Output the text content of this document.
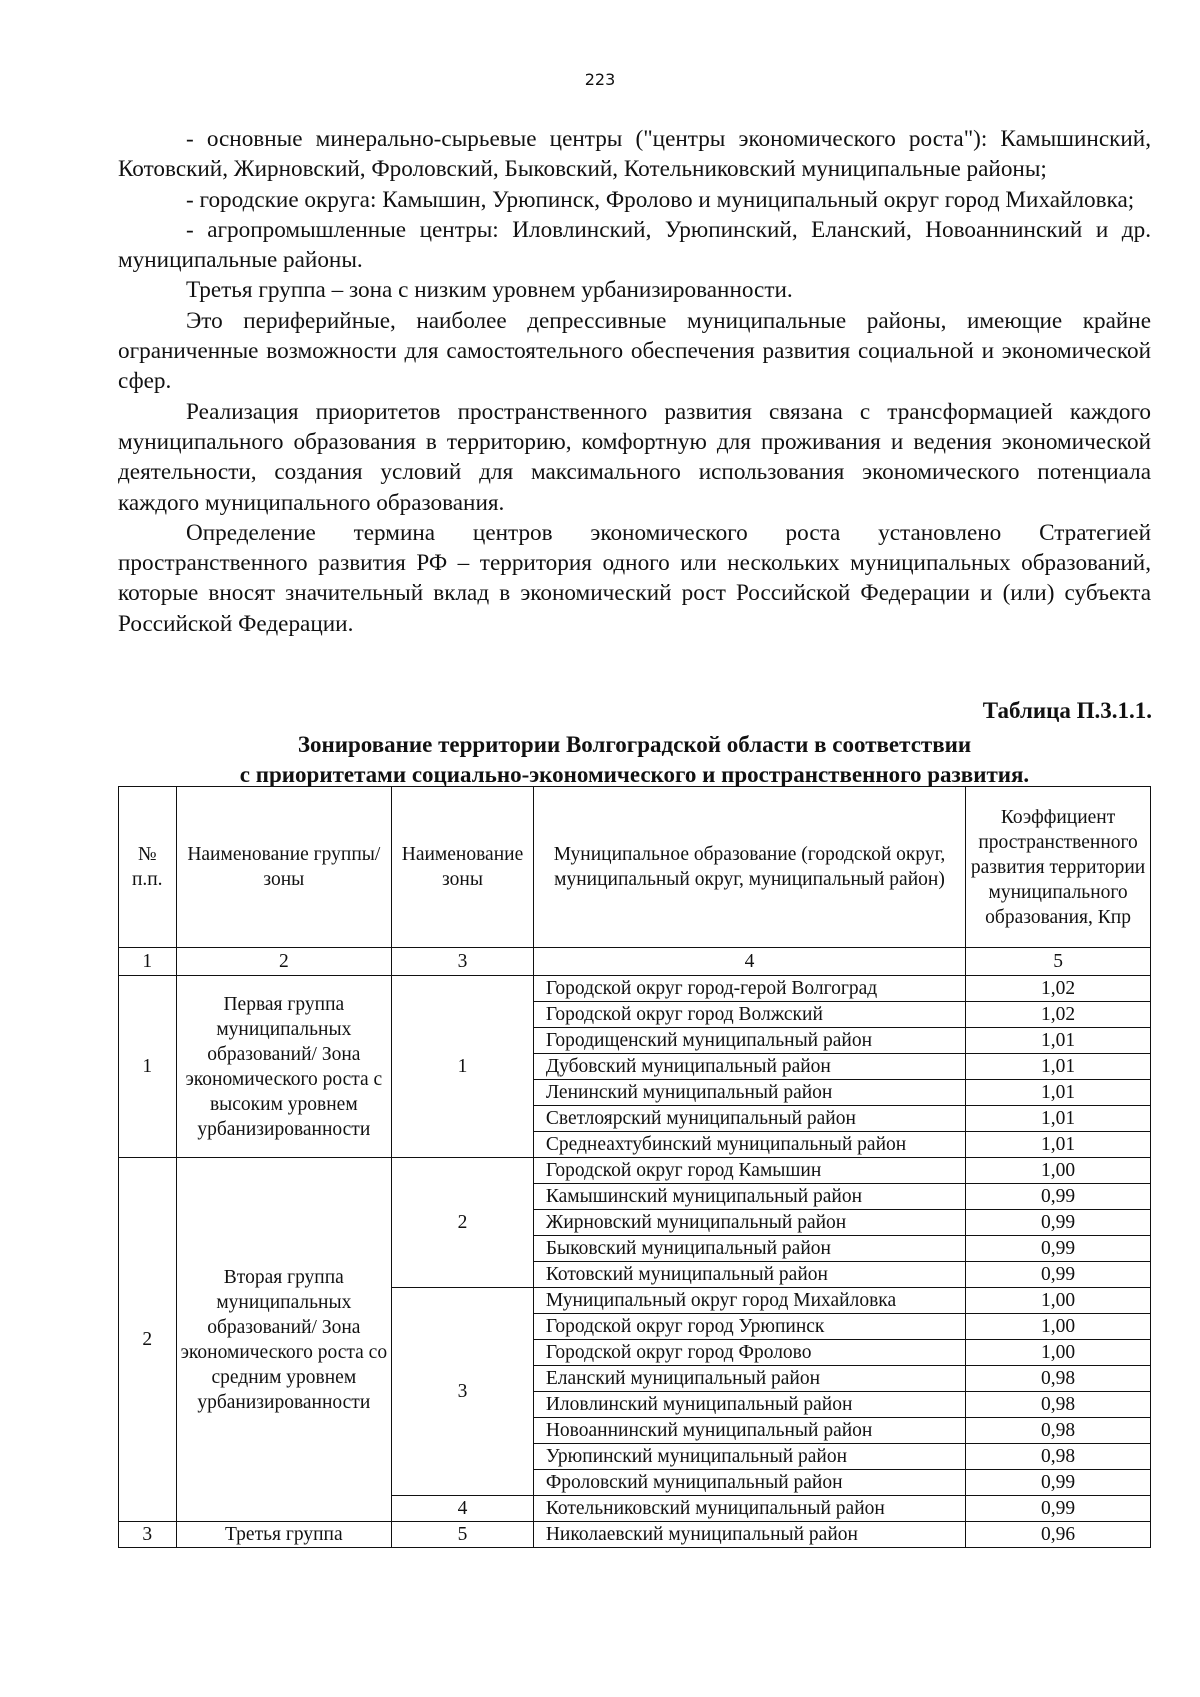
223

- основные минерально-сырьевые центры ("центры экономического роста"): Камышинский, Котовский, Жирновский, Фроловский, Быковский, Котельниковский муниципальные районы;

- городские округа: Камышин, Урюпинск, Фролово и муниципальный округ город Михайловка;

- агропромышленные центры: Иловлинский, Урюпинский, Еланский, Новоаннинский и др. муниципальные районы.

Третья группа – зона с низким уровнем урбанизированности.

Это периферийные, наиболее депрессивные муниципальные районы, имеющие крайне ограниченные возможности для самостоятельного обеспечения развития социальной и экономической сфер.

Реализация приоритетов пространственного развития связана с трансформацией каждого муниципального образования в территорию, комфортную для проживания и ведения экономической деятельности, создания условий для максимального использования экономического потенциала каждого муниципального образования.

Определение термина центров экономического роста установлено Стратегией пространственного развития РФ – территория одного или нескольких муниципальных образований, которые вносят значительный вклад в экономический рост Российской Федерации и (или) субъекта Российской Федерации.

Таблица П.3.1.1.
Зонирование территории Волгоградской области в соответствии
с приоритетами социально-экономического и пространственного развития.
№ п.п.	Наименование группы/зоны	Наименование зоны	Муниципальное образование (городской округ, муниципальный округ, муниципальный район)	Коэффициент пространственного развития территории муниципального образования, Кпр
1	2	3	4	5
1	Первая группа муниципальных образований/ Зона экономического роста с высоким уровнем урбанизированности	1	Городской округ город-герой Волгоград	1,02
			Городской округ город Волжский	1,02
			Городищенский муниципальный район	1,01
			Дубовский муниципальный район	1,01
			Ленинский муниципальный район	1,01
			Светлоярский муниципальный район	1,01
			Среднеахтубинский муниципальный район	1,01
2	Вторая группа муниципальных образований/ Зона экономического роста со средним уровнем урбанизированности	2	Городской округ город Камышин	1,00
			Камышинский муниципальный район	0,99
			Жирновский муниципальный район	0,99
			Быковский муниципальный район	0,99
			Котовский муниципальный район	0,99
		3	Муниципальный округ город Михайловка	1,00
			Городской округ город Урюпинск	1,00
			Городской округ город Фролово	1,00
			Еланский муниципальный район	0,98
			Иловлинский муниципальный район	0,98
			Новоаннинский муниципальный район	0,98
			Урюпинский муниципальный район	0,98
			Фроловский муниципальный район	0,99
		4	Котельниковский муниципальный район	0,99
3	Третья группа	5	Николаевский муниципальный район	0,96
